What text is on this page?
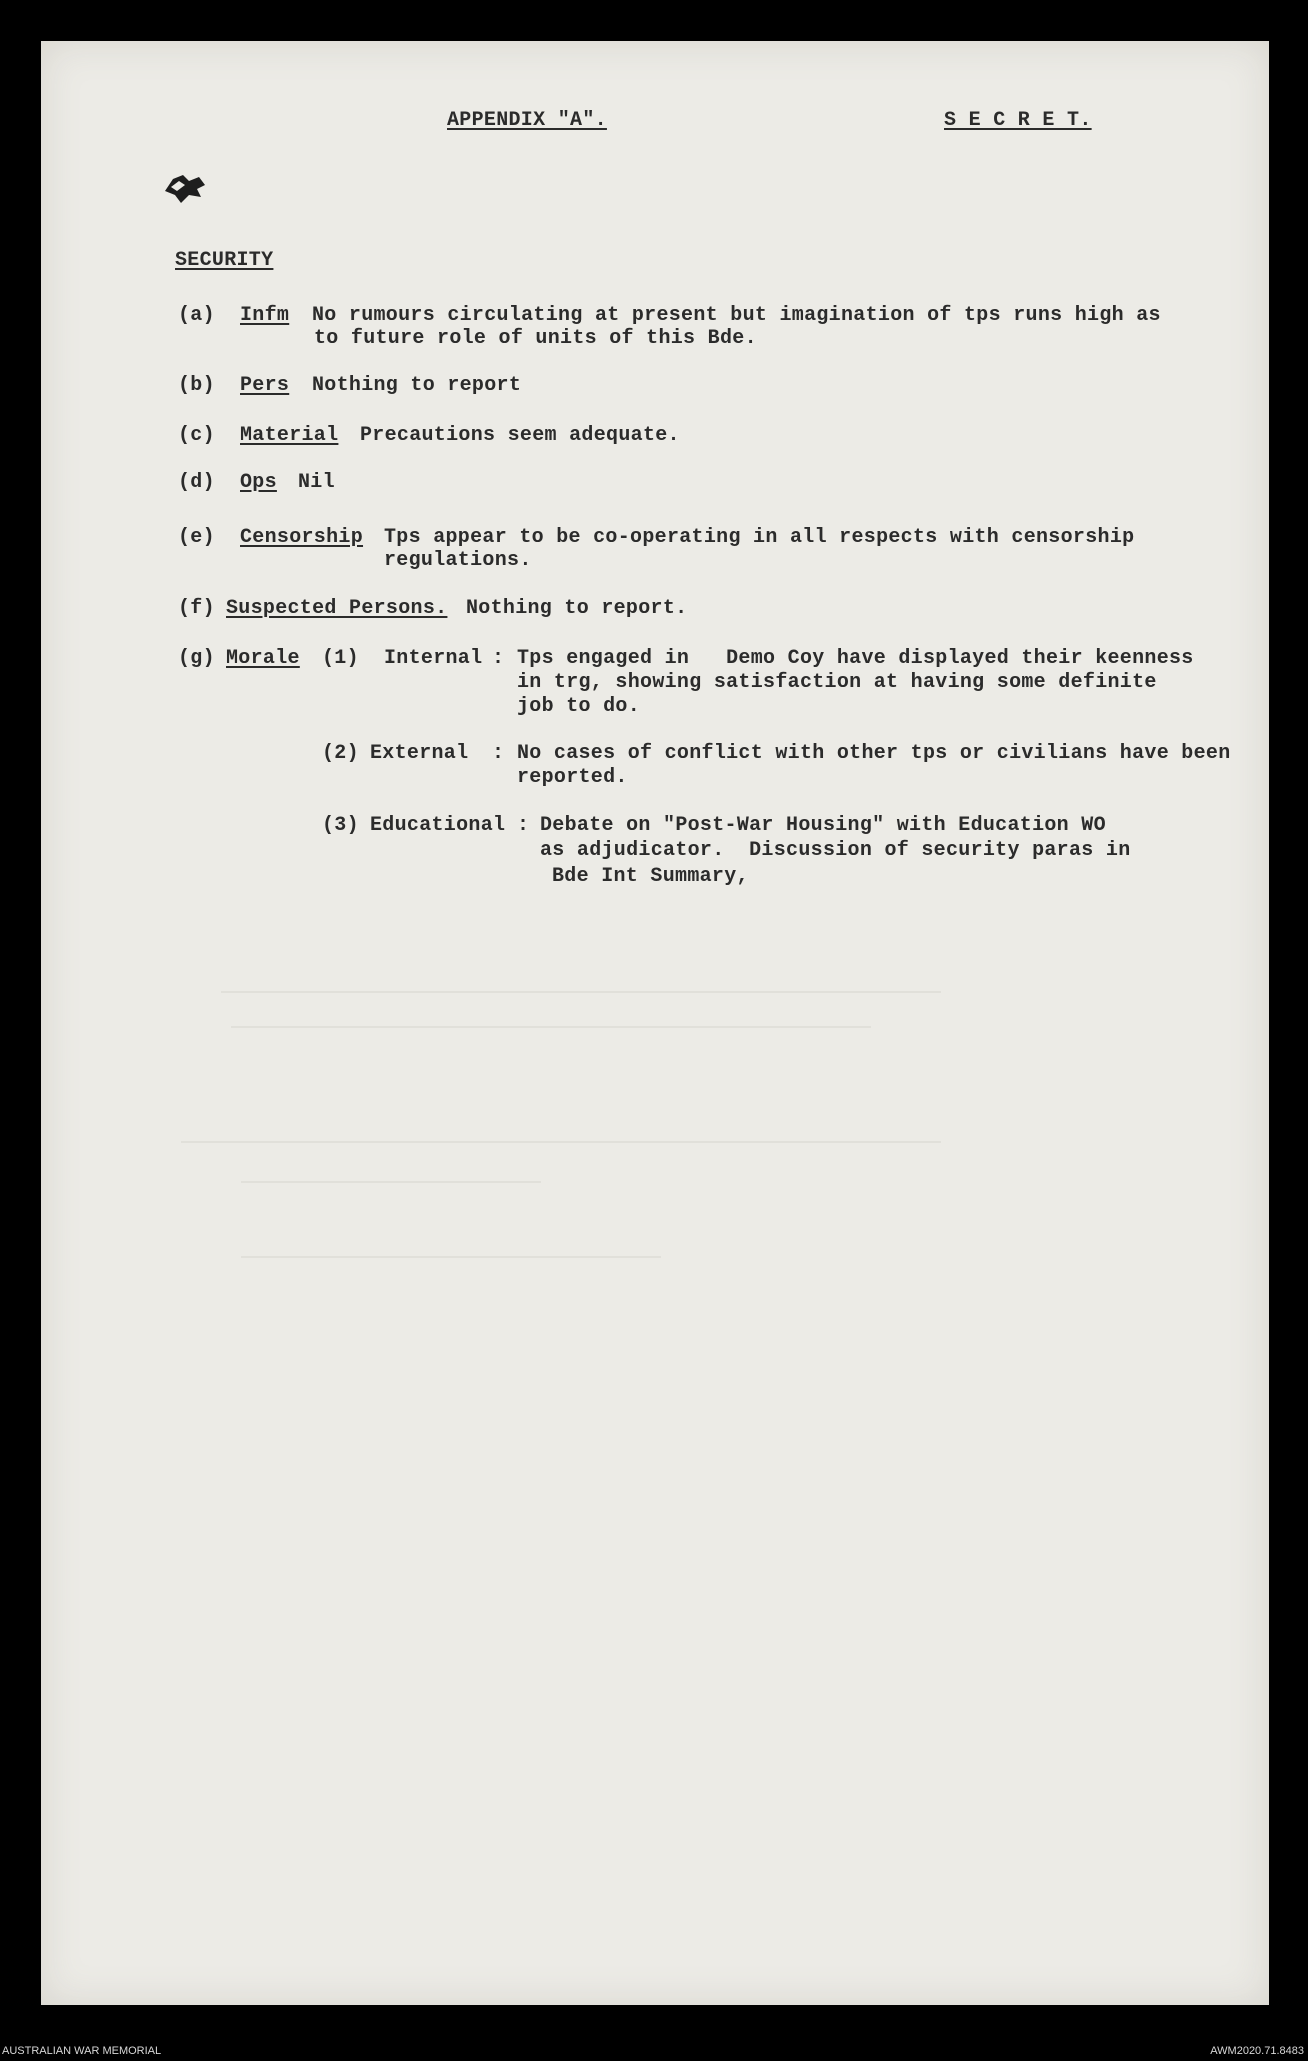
APPENDIX "A".	S E C R E T.
SECURITY
(a) Infm No rumours circulating at present but imagination of tps runs high as
to future role of units of this Bde.
(b) Pers Nothing to report
(c) Material Precautions seem adequate.
(d) Ops Nil
(e) Censorship Tps appear to be co-operating in all respects with censorship
regulations.
(f) Suspected Persons. Nothing to report.
(g) Morale (1) Internal : Tps engaged in   Demo Coy have displayed their keenness
in trg, showing satisfaction at having some definite
job to do.
(2) External : No cases of conflict with other tps or civilians have been
reported.
(3) Educational : Debate on "Post-War Housing" with Education WO
as adjudicator.  Discussion of security paras in
Bde Int Summary,
AUSTRALIAN WAR MEMORIAL	AWM2020.71.8483
